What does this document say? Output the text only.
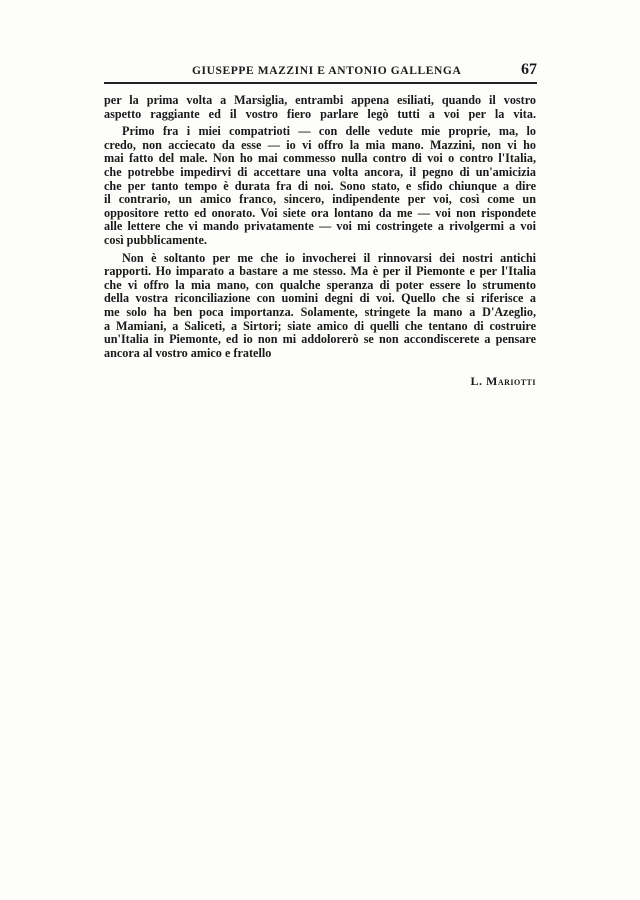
GIUSEPPE MAZZINI E ANTONIO GALLENGA	67
per la prima volta a Marsiglia, entrambi appena esiliati, quando il vostro
aspetto raggiante ed il vostro fiero parlare legò tutti a voi per la vita.
Primo fra i miei compatrioti — con delle vedute mie proprie, ma, lo
credo, non acciecato da esse — io vi offro la mia mano. Mazzini, non vi ho
mai fatto del male. Non ho mai commesso nulla contro di voi o contro l'Italia,
che potrebbe impedirvi di accettare una volta ancora, il pegno di un'amicizia
che per tanto tempo è durata fra di noi. Sono stato, e sfido chiunque a dire
il contrario, un amico franco, sincero, indipendente per voi, così come un
oppositore retto ed onorato. Voi siete ora lontano da me — voi non rispondete
alle lettere che vi mando privatamente — voi mi costringete a rivolgermi a voi
così pubblicamente.
Non è soltanto per me che io invocherei il rinnovarsi dei nostri antichi
rapporti. Ho imparato a bastare a me stesso. Ma è per il Piemonte e per l'Italia
che vi offro la mia mano, con qualche speranza di poter essere lo strumento
della vostra riconciliazione con uomini degni di voi. Quello che si riferisce a
me solo ha ben poca importanza. Solamente, stringete la mano a D'Azeglio,
a Mamiani, a Saliceti, a Sirtori; siate amico di quelli che tentano di costruire
un'Italia in Piemonte, ed io non mi addolorerò se non accondiscerete a pensare
ancora al vostro amico e fratello
L. Mariotti
